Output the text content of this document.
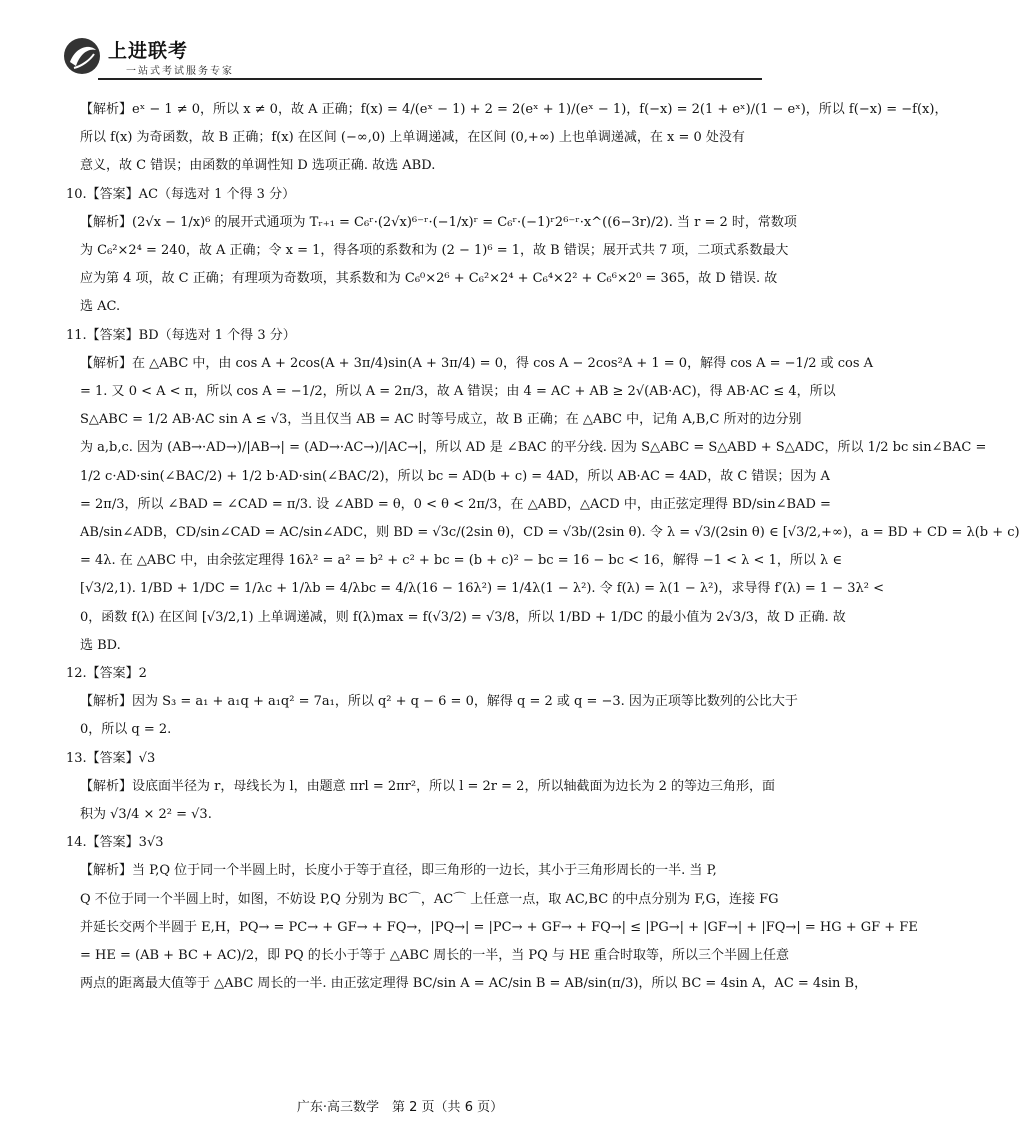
上进联考
一站式考试服务专家
【解析】eˣ − 1 ≠ 0，所以 x ≠ 0，故 A 正确；f(x) = 4/(eˣ − 1) + 2 = 2(eˣ + 1)/(eˣ − 1)，f(−x) = 2(1 + eˣ)/(1 − eˣ)，所以 f(−x) = −f(x)，
所以 f(x) 为奇函数，故 B 正确；f(x) 在区间 (−∞,0) 上单调递减，在区间 (0,+∞) 上也单调递减，在 x = 0 处没有
意义，故 C 错误；由函数的单调性知 D 选项正确. 故选 ABD.
10.【答案】AC（每选对 1 个得 3 分）
【解析】(2√x − 1/x)⁶ 的展开式通项为 Tᵣ₊₁ = C₆ʳ·(2√x)⁶⁻ʳ·(−1/x)ʳ = C₆ʳ·(−1)ʳ2⁶⁻ʳ·x^((6−3r)/2). 当 r = 2 时，常数项
为 C₆²×2⁴ = 240，故 A 正确；令 x = 1，得各项的系数和为 (2 − 1)⁶ = 1，故 B 错误；展开式共 7 项，二项式系数最大
应为第 4 项，故 C 正确；有理项为奇数项，其系数和为 C₆⁰×2⁶ + C₆²×2⁴ + C₆⁴×2² + C₆⁶×2⁰ = 365，故 D 错误. 故
选 AC.
11.【答案】BD（每选对 1 个得 3 分）
【解析】在 △ABC 中，由 cos A + 2cos(A + 3π/4)sin(A + 3π/4) = 0，得 cos A − 2cos²A + 1 = 0，解得 cos A = −1/2 或 cos A
= 1. 又 0 < A < π，所以 cos A = −1/2，所以 A = 2π/3，故 A 错误；由 4 = AC + AB ≥ 2√(AB·AC)，得 AB·AC ≤ 4，所以
S△ABC = 1/2 AB·AC sin A ≤ √3，当且仅当 AB = AC 时等号成立，故 B 正确；在 △ABC 中，记角 A,B,C 所对的边分别
为 a,b,c. 因为 (AB→·AD→)/|AB→| = (AD→·AC→)/|AC→|，所以 AD 是 ∠BAC 的平分线. 因为 S△ABC = S△ABD + S△ADC，所以 1/2 bc sin∠BAC =
1/2 c·AD·sin(∠BAC/2) + 1/2 b·AD·sin(∠BAC/2)，所以 bc = AD(b + c) = 4AD，所以 AB·AC = 4AD，故 C 错误；因为 A
= 2π/3，所以 ∠BAD = ∠CAD = π/3. 设 ∠ABD = θ，0 < θ < 2π/3，在 △ABD，△ACD 中，由正弦定理得 BD/sin∠BAD =
AB/sin∠ADB，CD/sin∠CAD = AC/sin∠ADC，则 BD = √3c/(2sin θ)，CD = √3b/(2sin θ). 令 λ = √3/(2sin θ) ∈ [√3/2,+∞)，a = BD + CD = λ(b + c)
= 4λ. 在 △ABC 中，由余弦定理得 16λ² = a² = b² + c² + bc = (b + c)² − bc = 16 − bc < 16，解得 −1 < λ < 1，所以 λ ∈
[√3/2,1). 1/BD + 1/DC = 1/λc + 1/λb = 4/λbc = 4/λ(16 − 16λ²) = 1/4λ(1 − λ²). 令 f(λ) = λ(1 − λ²)，求导得 f′(λ) = 1 − 3λ² <
0，函数 f(λ) 在区间 [√3/2,1) 上单调递减，则 f(λ)max = f(√3/2) = √3/8，所以 1/BD + 1/DC 的最小值为 2√3/3，故 D 正确. 故
选 BD.
12.【答案】2
【解析】因为 S₃ = a₁ + a₁q + a₁q² = 7a₁，所以 q² + q − 6 = 0，解得 q = 2 或 q = −3. 因为正项等比数列的公比大于
0，所以 q = 2.
13.【答案】√3
【解析】设底面半径为 r，母线长为 l，由题意 πrl = 2πr²，所以 l = 2r = 2，所以轴截面为边长为 2 的等边三角形，面
积为 √3/4 × 2² = √3.
14.【答案】3√3
【解析】当 P,Q 位于同一个半圆上时，长度小于等于直径，即三角形的一边长，其小于三角形周长的一半. 当 P,
Q 不位于同一个半圆上时，如图，不妨设 P,Q 分别为 BC⌒，AC⌒ 上任意一点，取 AC,BC 的中点分别为 F,G，连接 FG
并延长交两个半圆于 E,H，PQ→ = PC→ + GF→ + FQ→，|PQ→| = |PC→ + GF→ + FQ→| ≤ |PG→| + |GF→| + |FQ→| = HG + GF + FE
= HE = (AB + BC + AC)/2，即 PQ 的长小于等于 △ABC 周长的一半，当 PQ 与 HE 重合时取等，所以三个半圆上任意
两点的距离最大值等于 △ABC 周长的一半. 由正弦定理得 BC/sin A = AC/sin B = AB/sin(π/3)，所以 BC = 4sin A，AC = 4sin B，
广东·高三数学　第 2 页（共 6 页）
